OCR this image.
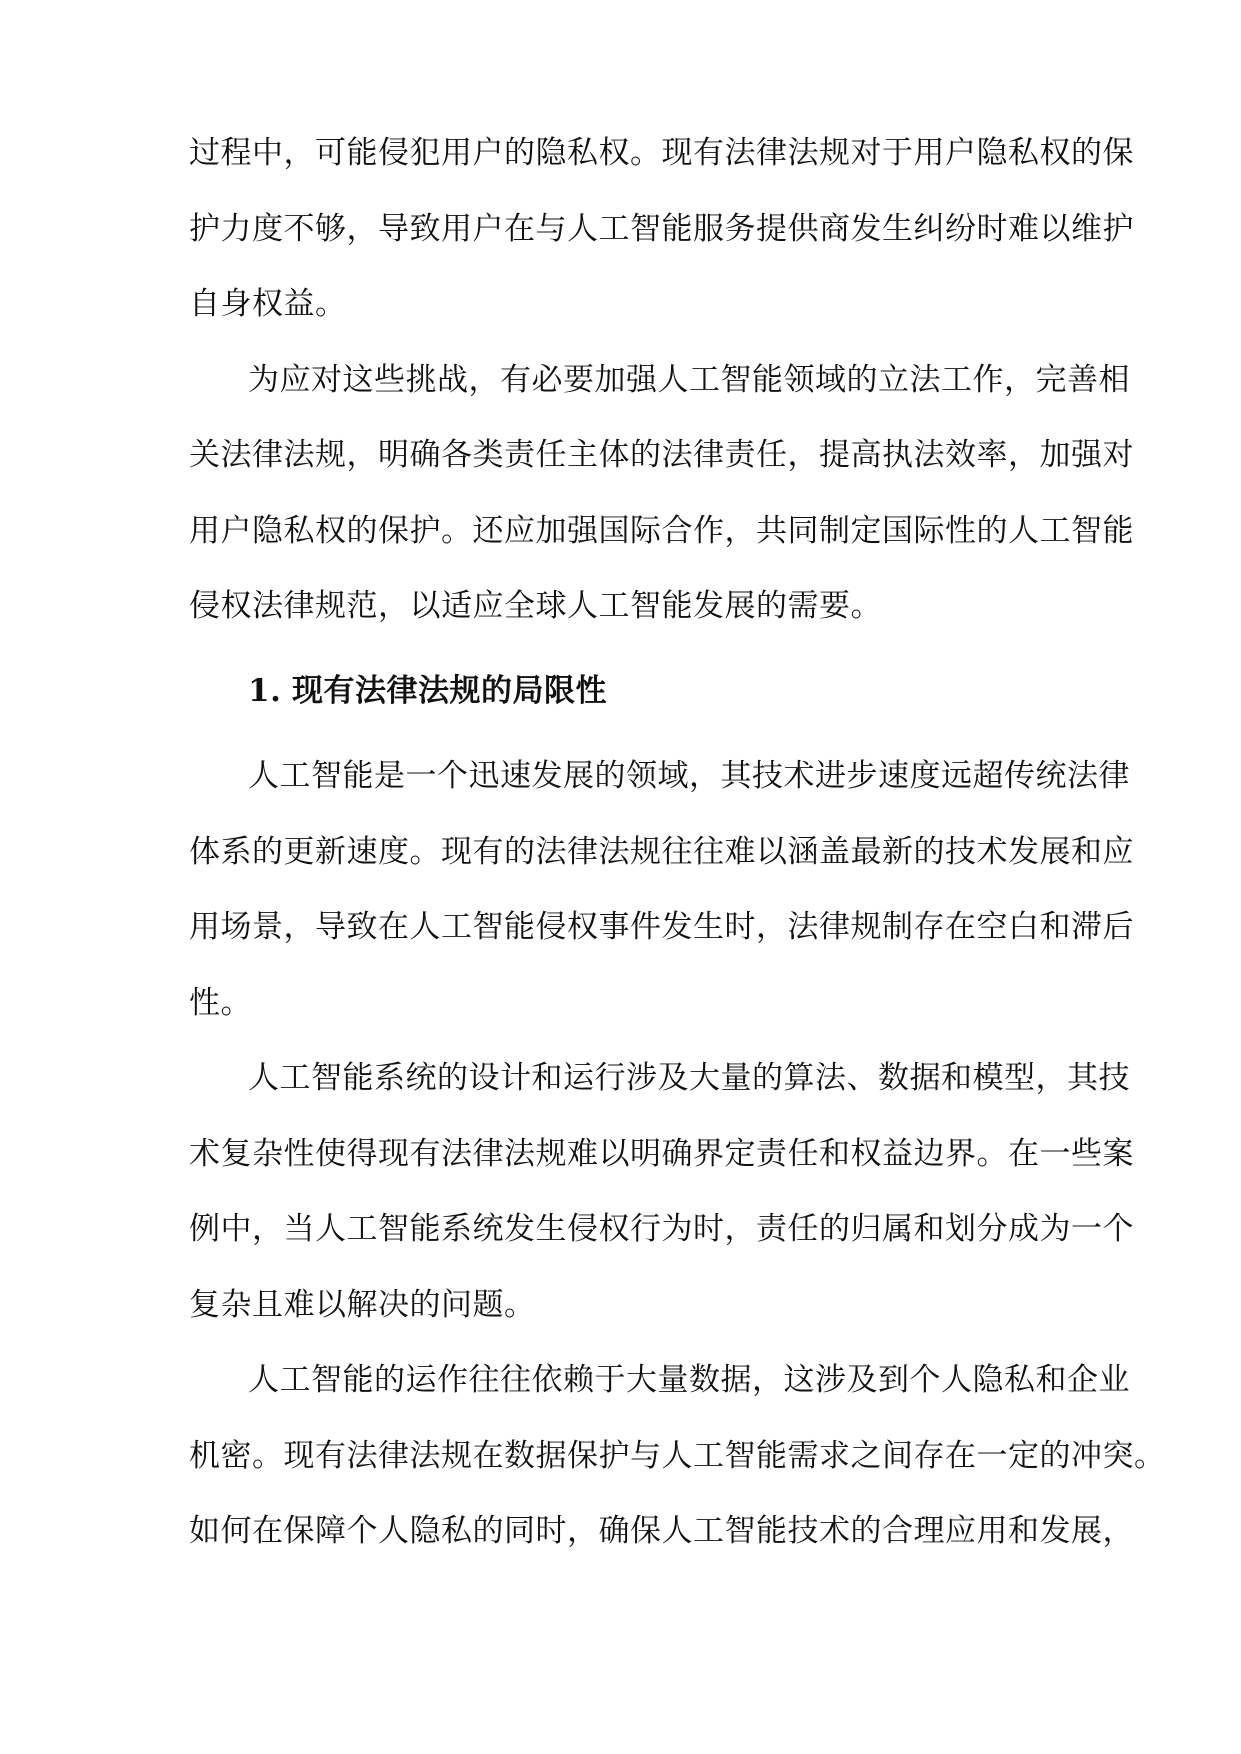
过程中，可能侵犯用户的隐私权。现有法律法规对于用户隐私权的保
护力度不够，导致用户在与人工智能服务提供商发生纠纷时难以维护
自身权益。
为应对这些挑战，有必要加强人工智能领域的立法工作，完善相
关法律法规，明确各类责任主体的法律责任，提高执法效率，加强对
用户隐私权的保护。还应加强国际合作，共同制定国际性的人工智能
侵权法律规范，以适应全球人工智能发展的需要。
1. 现有法律法规的局限性
人工智能是一个迅速发展的领域，其技术进步速度远超传统法律
体系的更新速度。现有的法律法规往往难以涵盖最新的技术发展和应
用场景，导致在人工智能侵权事件发生时，法律规制存在空白和滞后
性。
人工智能系统的设计和运行涉及大量的算法、数据和模型，其技
术复杂性使得现有法律法规难以明确界定责任和权益边界。在一些案
例中，当人工智能系统发生侵权行为时，责任的归属和划分成为一个
复杂且难以解决的问题。
人工智能的运作往往依赖于大量数据，这涉及到个人隐私和企业
机密。现有法律法规在数据保护与人工智能需求之间存在一定的冲突。
如何在保障个人隐私的同时，确保人工智能技术的合理应用和发展，
